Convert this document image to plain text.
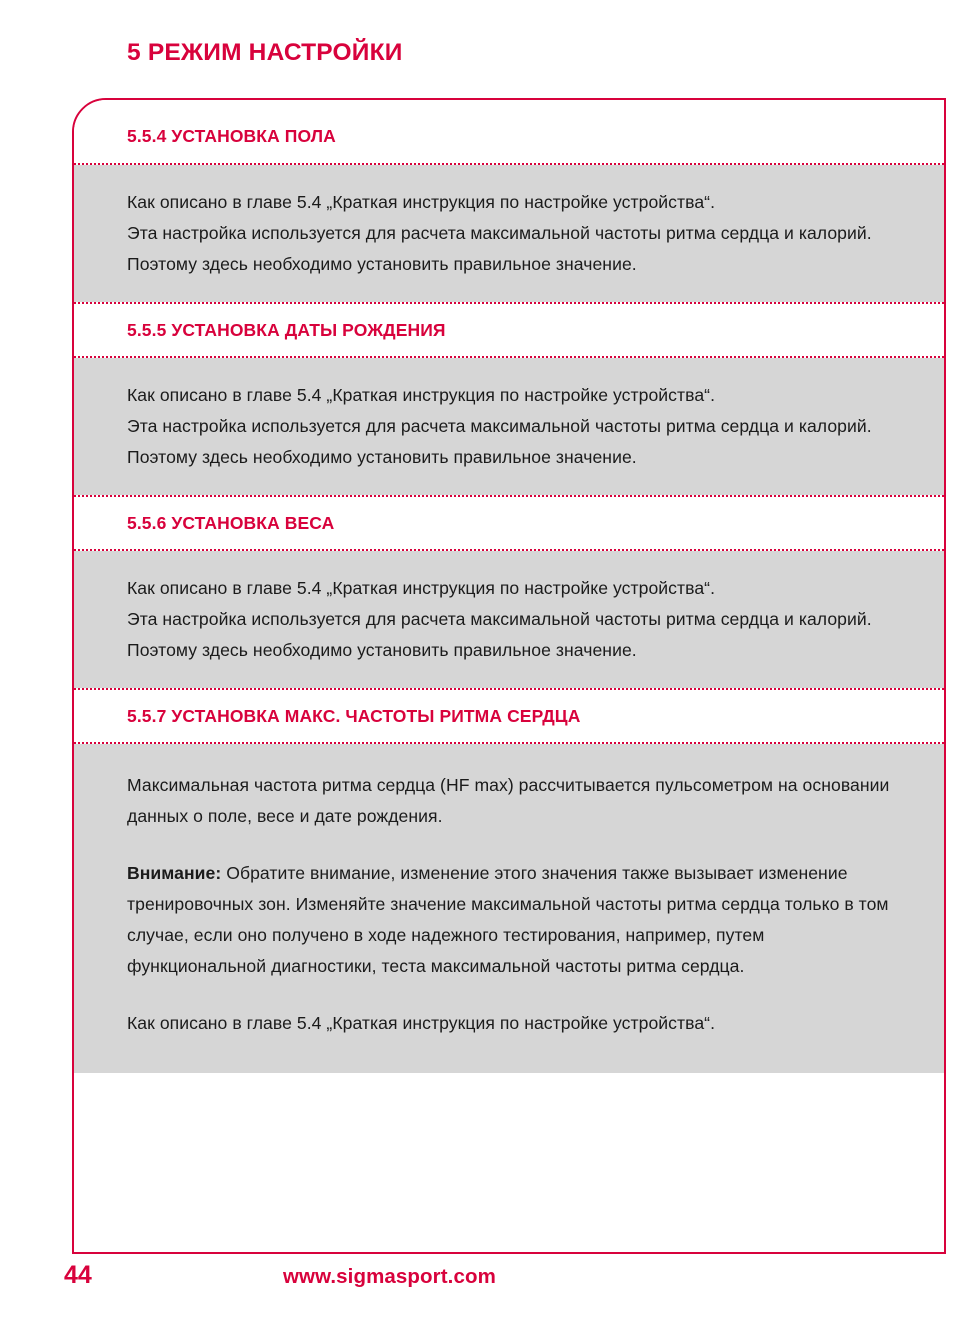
5 РЕЖИМ НАСТРОЙКИ
5.5.4 УСТАНОВКА ПОЛА

Как описано в главе 5.4 „Краткая инструкция по настройке устройства“.

Эта настройка используется для расчета максимальной частоты ритма сердца и калорий. Поэтому здесь необходимо установить правильное значение.

5.5.5 УСТАНОВКА ДАТЫ РОЖДЕНИЯ

Как описано в главе 5.4 „Краткая инструкция по настройке устройства“.

Эта настройка используется для расчета максимальной частоты ритма сердца и калорий. Поэтому здесь необходимо установить правильное значение.

5.5.6 УСТАНОВКА ВЕСА

Как описано в главе 5.4 „Краткая инструкция по настройке устройства“.

Эта настройка используется для расчета максимальной частоты ритма сердца и калорий. Поэтому здесь необходимо установить правильное значение.

5.5.7 УСТАНОВКА МАКС. ЧАСТОТЫ РИТМА СЕРДЦА

Максимальная частота ритма сердца (HF max) рассчитывается пульсометром на основании данных о поле, весе и дате рождения.

Внимание: Обратите внимание, изменение этого значения также вызывает изменение тренировочных зон. Изменяйте значение максимальной частоты ритма сердца только в том случае, если оно получено в ходе надежного тестирования, например, путем функциональной диагностики, теста максимальной частоты ритма сердца.

Как описано в главе 5.4 „Краткая инструкция по настройке устройства“.

44	www.sigmasport.com
